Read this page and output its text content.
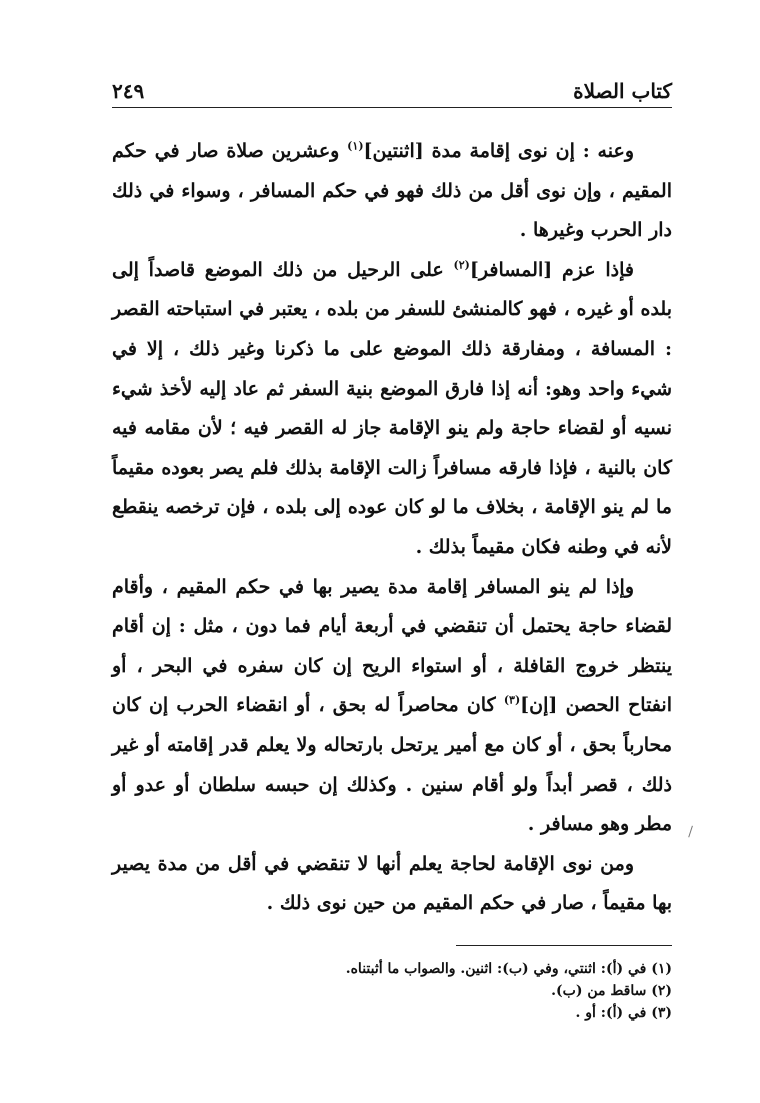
كتاب الصلاة
٢٤٩

وعنه : إن نوى إقامة مدة [اثنتين]$^{(١)}$ وعشرين صلاة صار في حكم المقيم ، وإن نوى أقل من ذلك فهو في حكم المسافر ، وسواء في ذلك دار الحرب وغيرها .

فإذا عزم [المسافر]$^{(٢)}$ على الرحيل من ذلك الموضع قاصداً إلى بلده أو غيره ، فهو كالمنشئ للسفر من بلده ، يعتبر في استباحته القصر : المسافة ، ومفارقة ذلك الموضع على ما ذكرنا وغير ذلك ، إلا في شيء واحد وهو: أنه إذا فارق الموضع بنية السفر ثم عاد إليه لأخذ شيء نسيه أو لقضاء حاجة ولم ينو الإقامة جاز له القصر فيه ؛ لأن مقامه فيه كان بالنية ، فإذا فارقه مسافراً زالت الإقامة بذلك فلم يصر بعوده مقيماً ما لم ينو الإقامة ، بخلاف ما لو كان عوده إلى بلده ، فإن ترخصه ينقطع لأنه في وطنه فكان مقيماً بذلك .

وإذا لم ينو المسافر إقامة مدة يصير بها في حكم المقيم ، وأقام لقضاء حاجة يحتمل أن تنقضي في أربعة أيام فما دون ، مثل : إن أقام ينتظر خروج القافلة ، أو استواء الريح إن كان سفره في البحر ، أو انفتاح الحصن [إن]$^{(٣)}$ كان محاصراً له بحق ، أو انقضاء الحرب إن كان محارباً بحق ، أو كان مع أمير يرتحل بارتحاله ولا يعلم قدر إقامته أو غير ذلك ، قصر أبداً ولو أقام سنين . وكذلك إن حبسه سلطان أو عدو أو مطر وهو مسافر .

ومن نوى الإقامة لحاجة يعلم أنها لا تنقضي في أقل من مدة يصير بها مقيماً ، صار في حكم المقيم من حين نوى ذلك .

(١) في (أ): اثنتي، وفي (ب): اثنين. والصواب ما أثبتناه.

(٢) ساقط من (ب).

(٣) في (أ): أو .
